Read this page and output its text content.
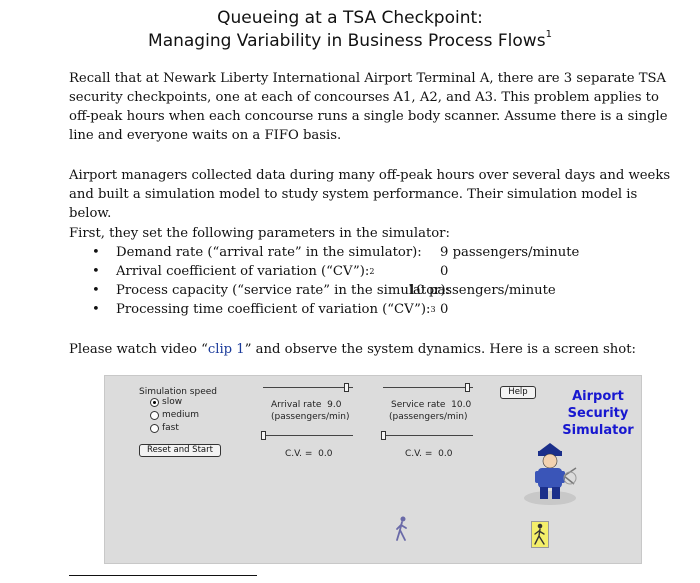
Queueing at a TSA Checkpoint:
Managing Variability in Business Process Flows$^1$
Recall that at Newark Liberty International Airport Terminal A, there are 3 separate TSA security checkpoints, one at each of concourses A1, A2, and A3. This problem applies to off-peak hours when each concourse runs a single body scanner. Assume there is a single line and everyone waits on a FIFO basis.
Airport managers collected data during many off-peak hours over several days and weeks and built a simulation model to study system performance. Their simulation model is below.
First, they set the following parameters in the simulator:
• Demand rate (“arrival rate” in the simulator): 9 passengers/minute
• Arrival coefficient of variation (“CV”):$^2$	0
• Process capacity (“service rate” in the simulator):
10 passengers/minute
• Processing time coefficient of variation (“CV”):$^3$ 0
Please watch video “clip 1” and observe the system dynamics. Here is a screen shot:
Simulation speed
slow
medium
fast
Reset and Start
Arrival rate 9.0
(passengers/min)
C.V. = 0.0
Service rate 10.0
(passengers/min)
C.V. = 0.0
Help	Airport
Security
Simulator
